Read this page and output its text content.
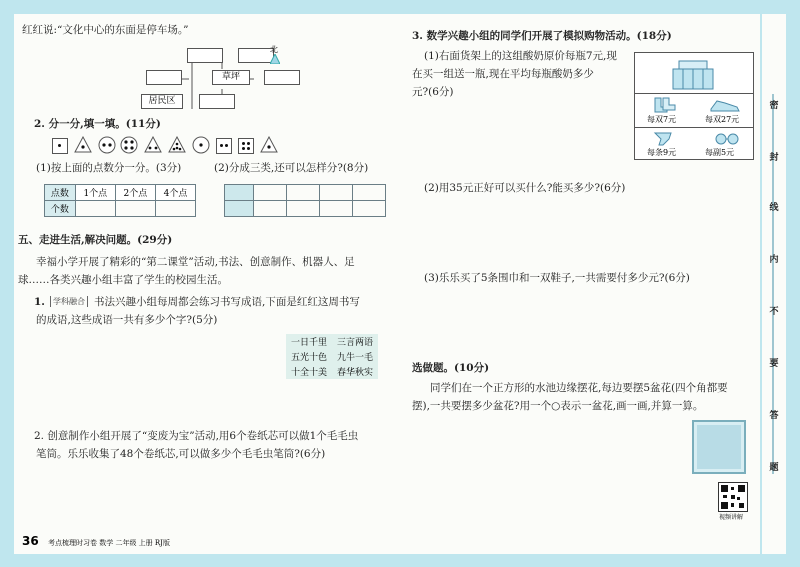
红红说:“文化中心的东面是停车场。”
草坪
居民区
北
2. 分一分,填一填。(11分)
(1)按上面的点数分一分。(3分)	(2)分成三类,还可以怎样分?(8分)
点数	1个点	2个点	4个点
个数			

五、走进生活,解决问题。(29分)
幸福小学开展了精彩的“第二课堂”活动,书法、创意制作、机器人、足
球……各类兴趣小组丰富了学生的校园生活。
1.	学科融合 书法兴趣小组每周都会练习书写成语,下面是红红这周书写
的成语,这些成语一共有多少个字?(5分)
一日千里	三言两语
五光十色	九牛一毛
十全十美	春华秋实
2. 创意制作小组开展了“变废为宝”活动,用6个卷纸芯可以做1个毛毛虫
笔筒。乐乐收集了48个卷纸芯,可以做多少个毛毛虫笔筒?(6分)
36 考点梳理时习卷 数学 二年级 上册 RJ版
3. 数学兴趣小组的同学们开展了模拟购物活动。(18分)
(1)右面货架上的这组酸奶原价每瓶7元,现
在买一组送一瓶,现在平均每瓶酸奶多少
元?(6分)
每双7元	每双27元
每条9元	每副5元
(2)用35元正好可以买什么?能买多少?(6分)
(3)乐乐买了5条围巾和一双鞋子,一共需要付多少元?(6分)
选做题。(10分)
同学们在一个正方形的水池边缘摆花,每边要摆5盆花(四个角都要
摆),一共要摆多少盆花?用一个○表示一盆花,画一画,并算一算。
视频讲解
密
封
线
内
不
要
答
题
